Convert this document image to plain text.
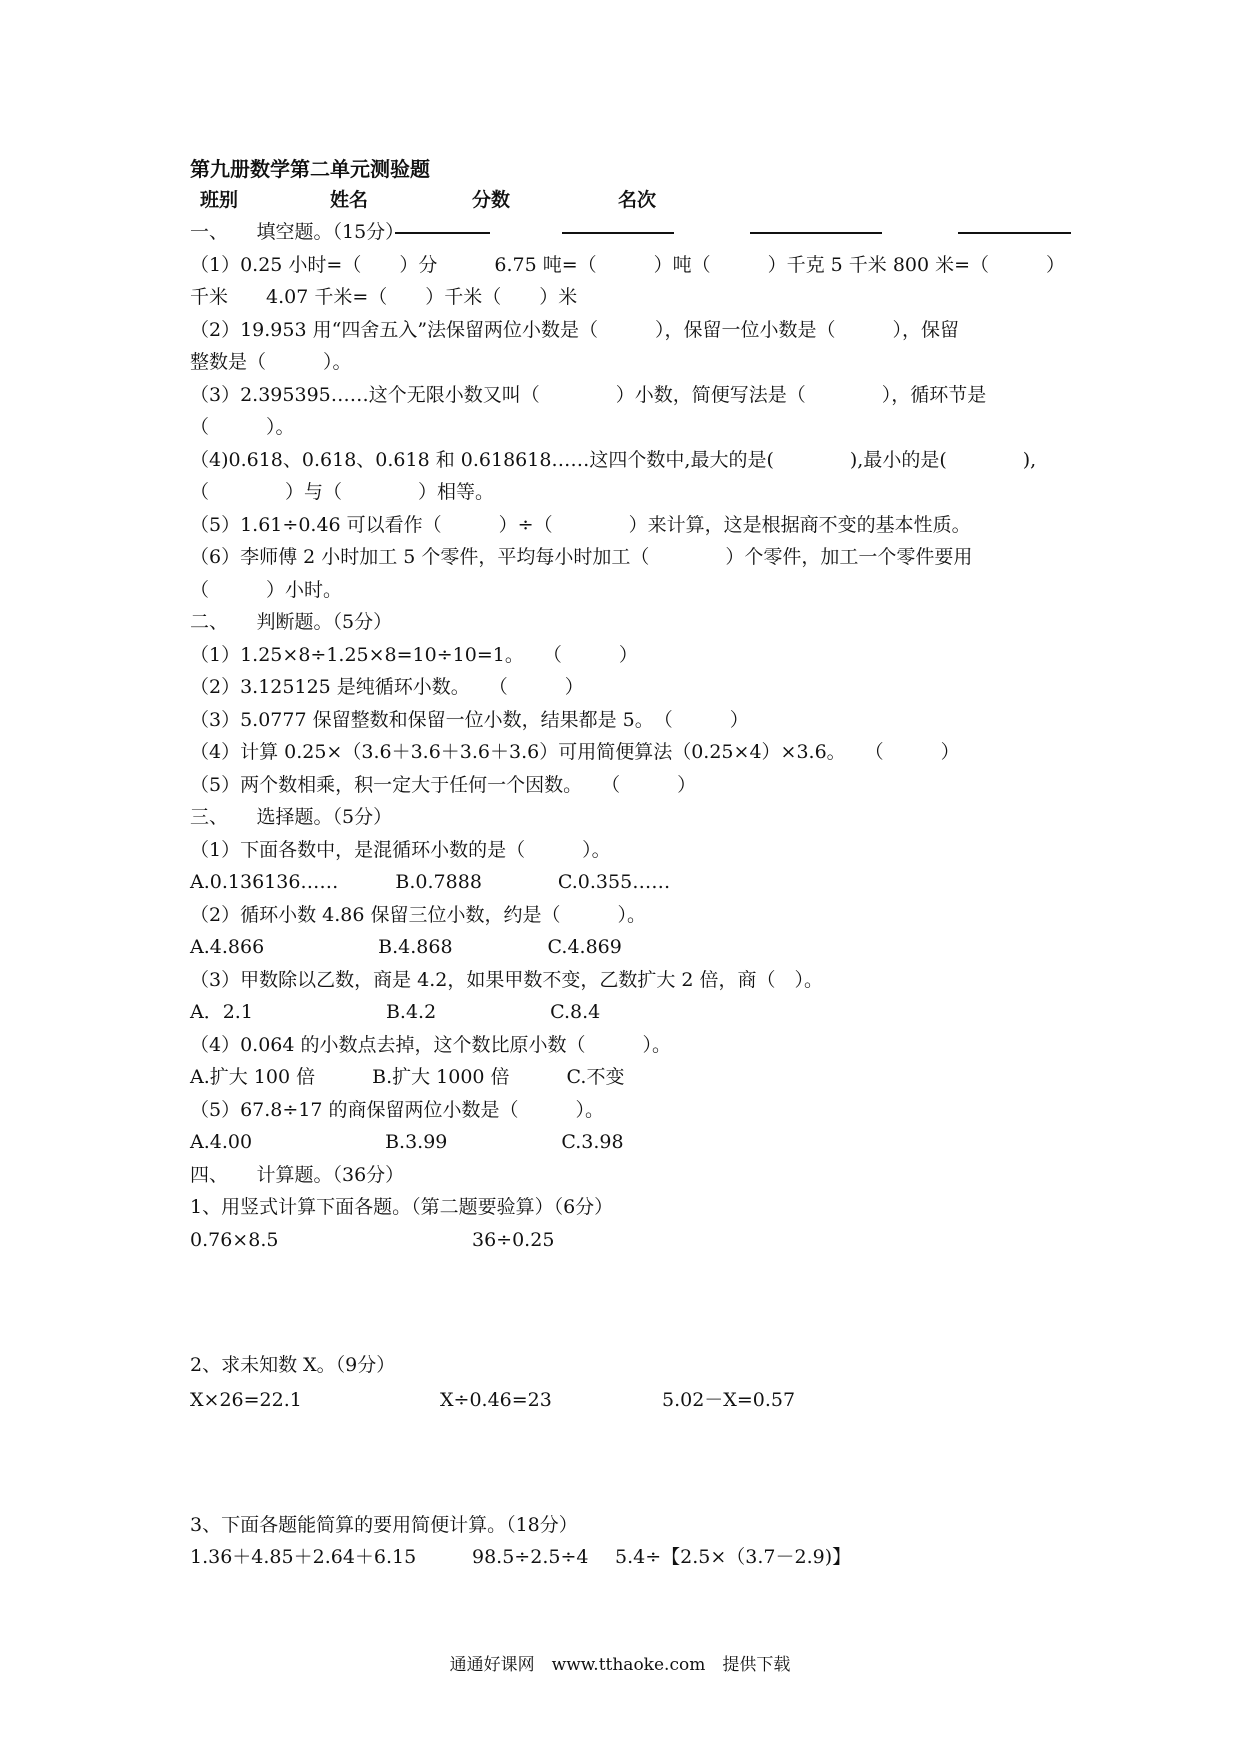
第九册数学第二单元测验题
班别	姓名	分数	名次
一、　　填空题。（15分）
（1）0.25 小时=（　　）分　　　6.75 吨=（　　　）吨（　　　）千克 5 千米 800 米=（　　　）
千米　　4.07 千米=（　　）千米（　　）米
（2）19.953 用“四舍五入”法保留两位小数是（　　　），保留一位小数是（　　　），保留
整数是（　　　）。
（3）2.395395……这个无限小数又叫（　　　　）小数，简便写法是（　　　　），循环节是
（　　　）。
（4)0.618、0.618、0.618 和 0.618618……这四个数中,最大的是(　　　　),最小的是(　　　　),
（　　　　）与（　　　　）相等。
（5）1.61÷0.46 可以看作（　　　）÷（　　　　）来计算，这是根据商不变的基本性质。
（6）李师傅 2 小时加工 5 个零件，平均每小时加工（　　　　）个零件，加工一个零件要用
（　　　）小时。
二、　　判断题。（5分）
（1）1.25×8÷1.25×8=10÷10=1。　　（　　　）
（2）3.125125 是纯循环小数。　　（　　　）
（3）5.0777 保留整数和保留一位小数，结果都是 5。　（　　　）
（4）计算 0.25×（3.6＋3.6＋3.6＋3.6）可用简便算法（0.25×4）×3.6。　　（　　　）
（5）两个数相乘，积一定大于任何一个因数。　　（　　　）
三、　　选择题。（5分）
（1）下面各数中，是混循环小数的是（　　　）。
A.0.136136……　　　B.0.7888　　　　C.0.355……
（2）循环小数 4.86 保留三位小数，约是（　　　）。
A.4.866　　　　　　B.4.868　　　　　C.4.869
（3）甲数除以乙数，商是 4.2，如果甲数不变，乙数扩大 2 倍，商（　）。
A．2.1　　　　　　　B.4.2　　　　　　C.8.4
（4）0.064 的小数点去掉，这个数比原小数（　　　）。
A.扩大 100 倍　　　B.扩大 1000 倍　　　C.不变
（5）67.8÷17 的商保留两位小数是（　　　）。
A.4.00　　　　　　　B.3.99　　　　　　C.3.98
四、　　计算题。（36分）
1、用竖式计算下面各题。（第二题要验算）（6分）
0.76×8.5	36÷0.25
2、求未知数 X。（9分）
X×26=22.1	X÷0.46=23	5.02－X=0.57
3、下面各题能简算的要用简便计算。（18分）
1.36＋4.85＋2.64＋6.15	98.5÷2.5÷4 5.4÷【2.5×（3.7－2.9)】
通通好课网　www.tthaoke.com　提供下载
